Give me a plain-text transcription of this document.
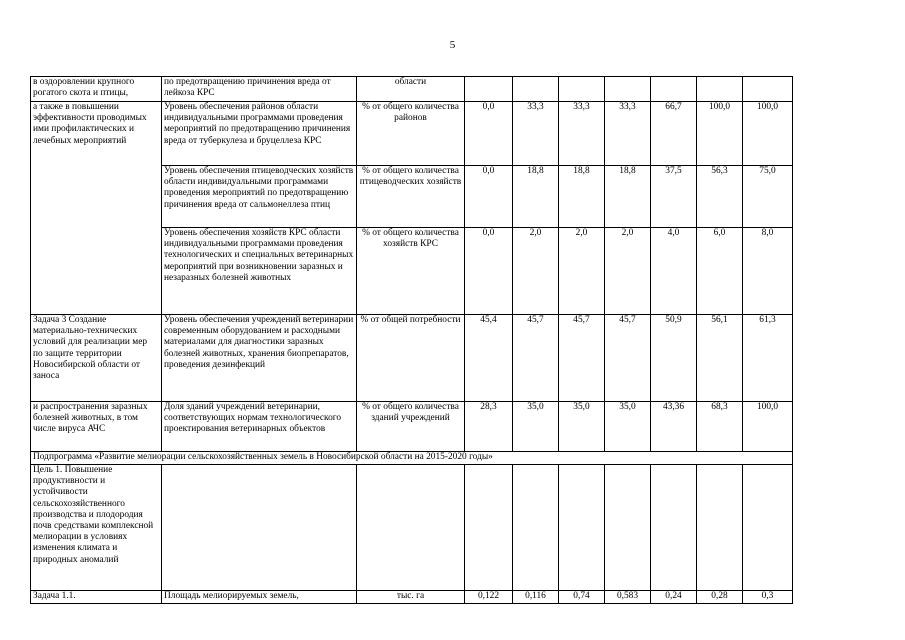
5
в оздоровлении крупного рогатого скота и птицы,	по предотвращению причинения вреда от лейкоза КРС	области							
а также в повышении эффективности проводимых ими профилактических и лечебных мероприятий	Уровень обеспечения районов области индивидуальными программами проведения мероприятий по предотвращению причинения вреда от туберкулеза и бруцеллеза КРС	% от общего количества районов	0,0	33,3	33,3	33,3	66,7	100,0	100,0
	Уровень обеспечения птицеводческих хозяйств области индивидуальными программами проведения мероприятий по предотвращению причинения вреда от сальмонеллеза птиц	% от общего количества птицеводческих хозяйств	0,0	18,8	18,8	18,8	37,5	56,3	75,0
	Уровень обеспечения хозяйств КРС области индивидуальными программами проведения технологических и специальных ветеринарных мероприятий при возникновении заразных и незаразных болезней животных	% от общего количества хозяйств КРС	0,0	2,0	2,0	2,0	4,0	6,0	8,0
Задача 3 Создание материально-технических условий для реализации мер по защите территории Новосибирской области от заноса	Уровень обеспечения учреждений ветеринарии современным оборудованием и расходными материалами для диагностики заразных болезней животных, хранения биопрепаратов, проведения дезинфекций	% от общей потребности	45,4	45,7	45,7	45,7	50,9	56,1	61,3
и распространения заразных болезней животных, в том числе вируса АЧС	Доля зданий учреждений ветеринарии, соответствующих нормам технологического проектирования ветеринарных объектов	% от общего количества зданий учреждений	28,3	35,0	35,0	35,0	43,36	68,3	100,0
Подпрограмма «Развитие мелиорации сельскохозяйственных земель в Новосибирской области на 2015-2020 годы»									
Цель 1. Повышение продуктивности и устойчивости сельскохозяйственного производства и плодородия почв средствами комплексной мелиорации в условиях изменения климата и природных аномалий									
Задача 1.1.	Площадь мелиорируемых земель,	тыс. га	0,122	0,116	0,74	0,583	0,24	0,28	0,3
